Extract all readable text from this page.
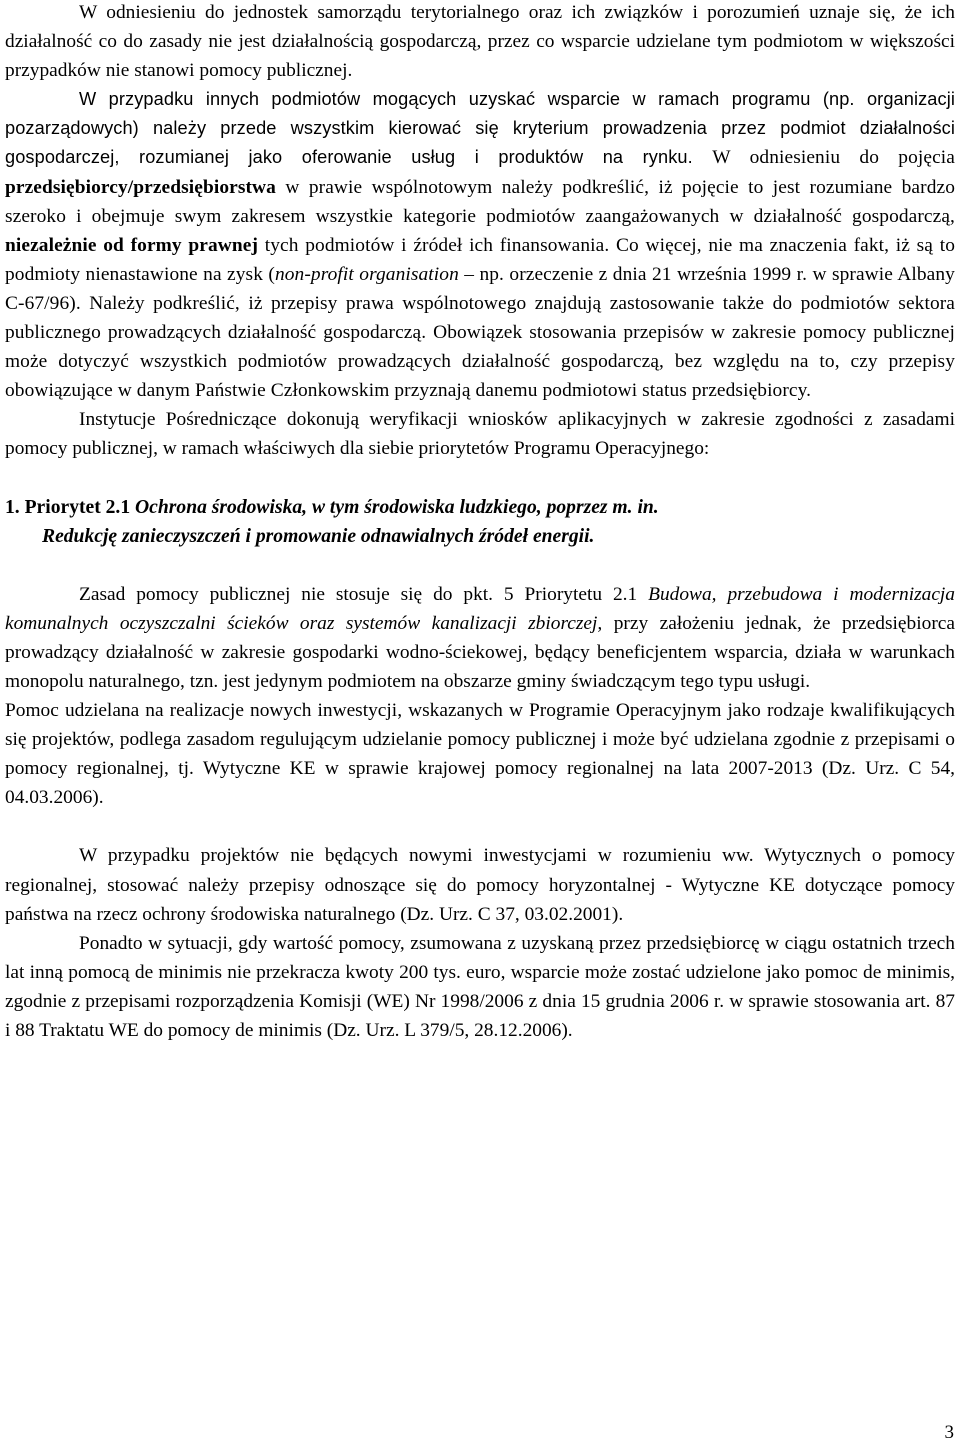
W odniesieniu do jednostek samorządu terytorialnego oraz ich związków i porozumień uznaje się, że ich działalność co do zasady nie jest działalnością gospodarczą, przez co wsparcie udzielane tym podmiotom w większości przypadków nie stanowi pomocy publicznej.

W przypadku innych podmiotów mogących uzyskać wsparcie w ramach programu (np. organizacji pozarządowych) należy przede wszystkim kierować się kryterium prowadzenia przez podmiot działalności gospodarczej, rozumianej jako oferowanie usług i produktów na rynku. W odniesieniu do pojęcia przedsiębiorcy/przedsiębiorstwa w prawie wspólnotowym należy podkreślić, iż pojęcie to jest rozumiane bardzo szeroko i obejmuje swym zakresem wszystkie kategorie podmiotów zaangażowanych w działalność gospodarczą, niezależnie od formy prawnej tych podmiotów i źródeł ich finansowania. Co więcej, nie ma znaczenia fakt, iż są to podmioty nienastawione na zysk (non-profit organisation – np. orzeczenie z dnia 21 września 1999 r. w sprawie Albany C-67/96). Należy podkreślić, iż przepisy prawa wspólnotowego znajdują zastosowanie także do podmiotów sektora publicznego prowadzących działalność gospodarczą. Obowiązek stosowania przepisów w zakresie pomocy publicznej może dotyczyć wszystkich podmiotów prowadzących działalność gospodarczą, bez względu na to, czy przepisy obowiązujące w danym Państwie Członkowskim przyznają danemu podmiotowi status przedsiębiorcy.

Instytucje Pośredniczące dokonują weryfikacji wniosków aplikacyjnych w zakresie zgodności z zasadami pomocy publicznej, w ramach właściwych dla siebie priorytetów Programu Operacyjnego:

1. Priorytet 2.1 Ochrona środowiska, w tym środowiska ludzkiego, poprzez m. in.

Redukcję zanieczyszczeń i promowanie odnawialnych źródeł energii.

Zasad pomocy publicznej nie stosuje się do pkt. 5 Priorytetu 2.1 Budowa, przebudowa i modernizacja komunalnych oczyszczalni ścieków oraz systemów kanalizacji zbiorczej, przy założeniu jednak, że przedsiębiorca prowadzący działalność w zakresie gospodarki wodno-ściekowej, będący beneficjentem wsparcia, działa w warunkach monopolu naturalnego, tzn. jest jedynym podmiotem na obszarze gminy świadczącym tego typu usługi.

Pomoc udzielana na realizacje nowych inwestycji, wskazanych w Programie Operacyjnym jako rodzaje kwalifikujących się projektów, podlega zasadom regulującym udzielanie pomocy publicznej i może być udzielana zgodnie z przepisami o pomocy regionalnej, tj. Wytyczne KE w sprawie krajowej pomocy regionalnej na lata 2007-2013 (Dz. Urz. C 54, 04.03.2006).

W przypadku projektów nie będących nowymi inwestycjami w rozumieniu ww. Wytycznych o pomocy regionalnej, stosować należy przepisy odnoszące się do pomocy horyzontalnej - Wytyczne KE dotyczące pomocy państwa na rzecz ochrony środowiska naturalnego (Dz. Urz. C 37, 03.02.2001).

Ponadto w sytuacji, gdy wartość pomocy, zsumowana z uzyskaną przez przedsiębiorcę w ciągu ostatnich trzech lat inną pomocą de minimis nie przekracza kwoty 200 tys. euro, wsparcie może zostać udzielone jako pomoc de minimis, zgodnie z przepisami rozporządzenia Komisji (WE) Nr 1998/2006 z dnia 15 grudnia 2006 r. w sprawie stosowania art. 87 i 88 Traktatu WE do pomocy de minimis (Dz. Urz. L 379/5, 28.12.2006).

3
